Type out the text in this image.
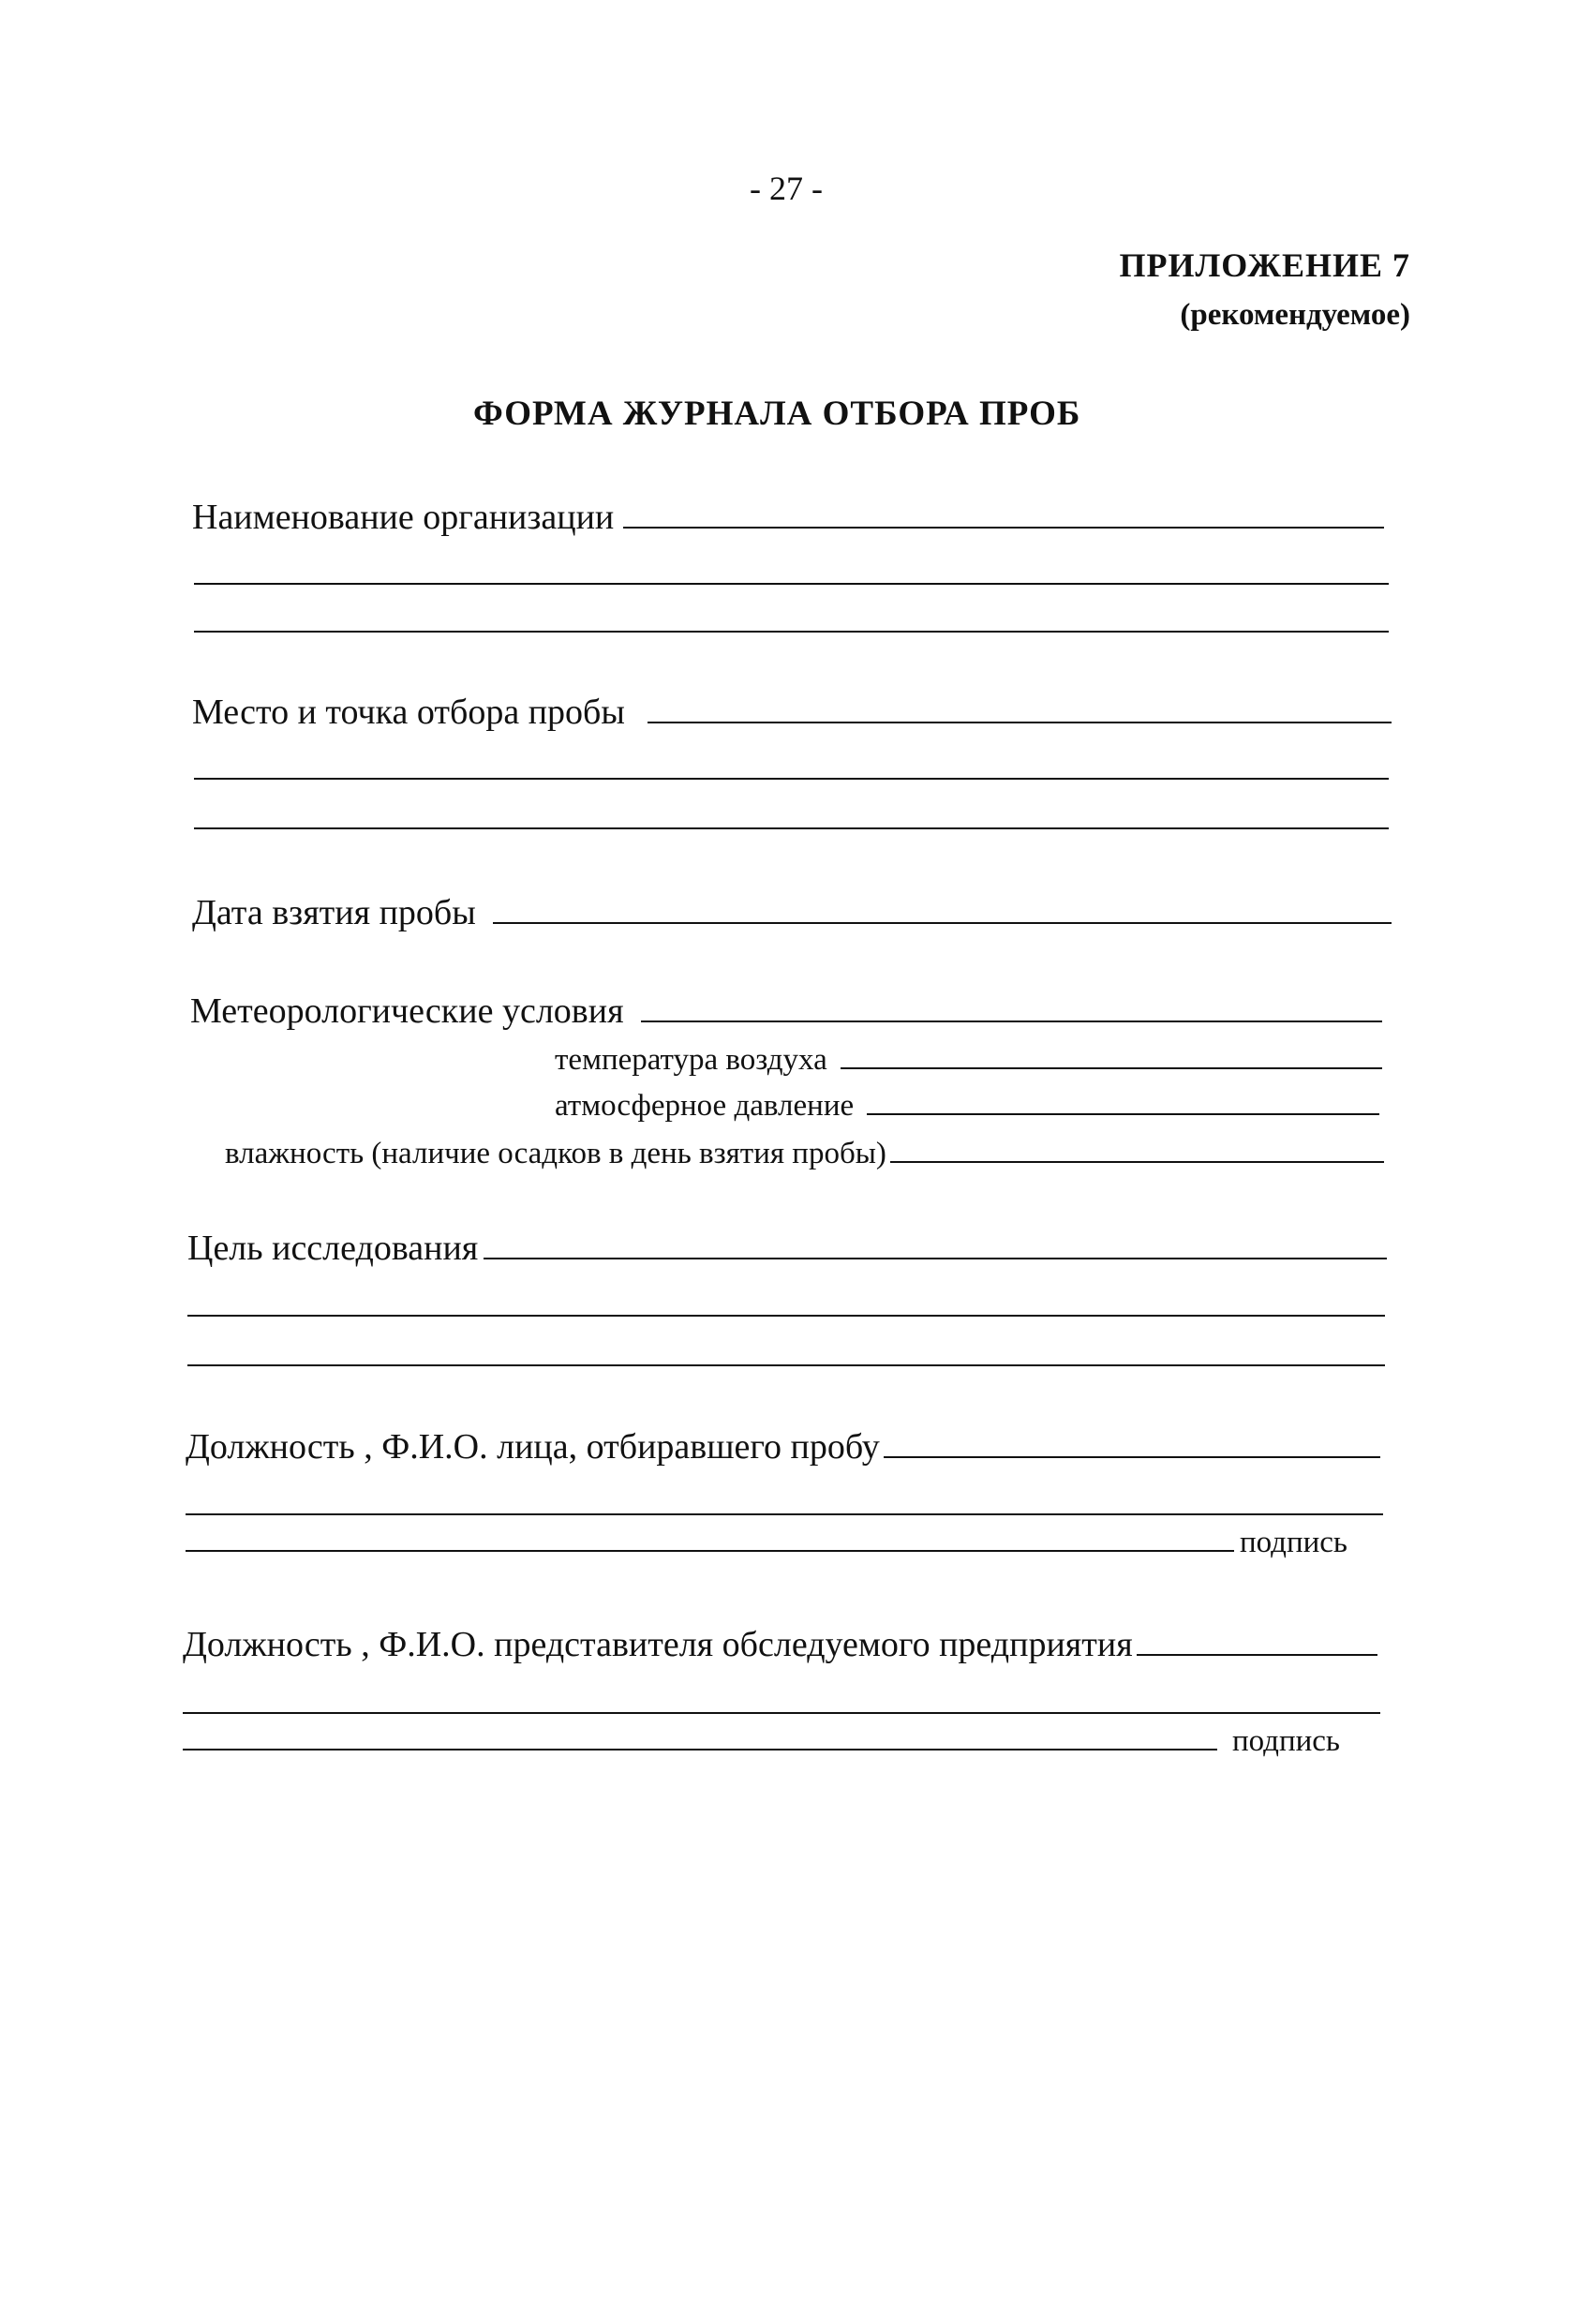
- 27 -
ПРИЛОЖЕНИЕ 7
(рекомендуемое)
ФОРМА ЖУРНАЛА ОТБОРА ПРОБ
Наименование организации
Место и точка отбора пробы
Дата взятия пробы
Метеорологические условия
температура воздуха
атмосферное давление
влажность (наличие осадков в день взятия пробы)
Цель исследования
Должность , Ф.И.О. лица, отбиравшего пробу
подпись
Должность , Ф.И.О. представителя обследуемого предприятия
подпись
